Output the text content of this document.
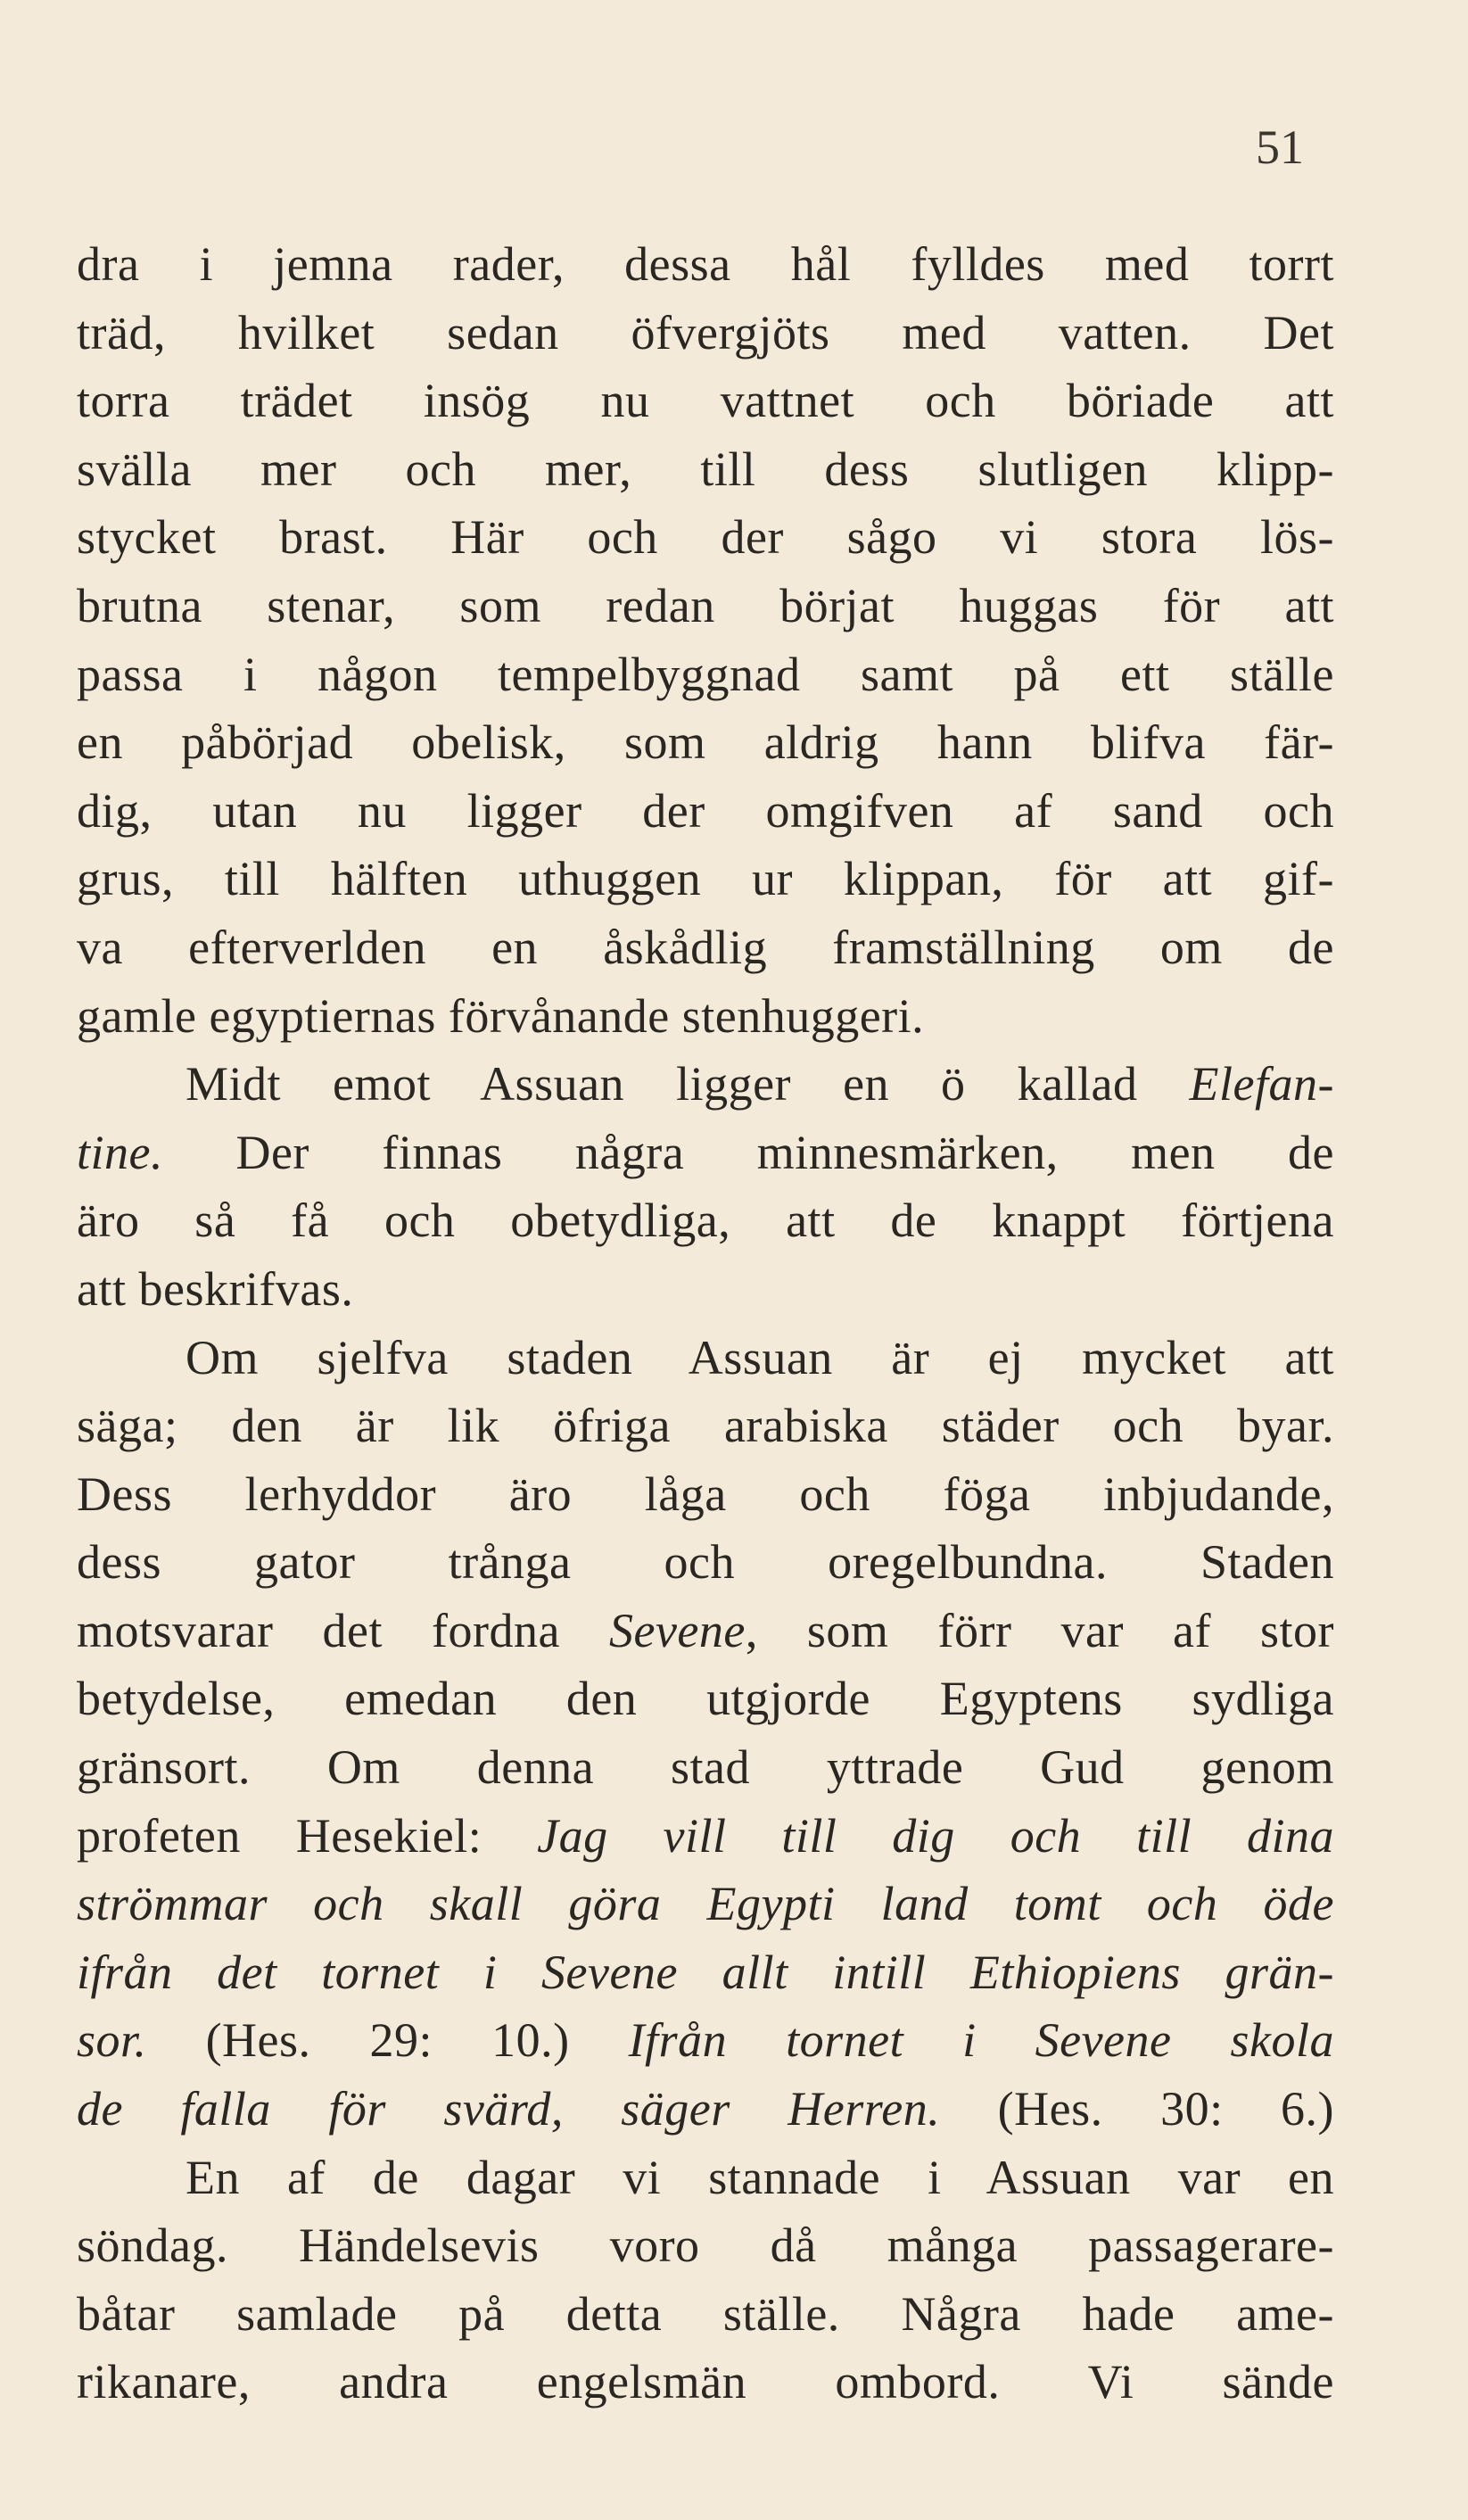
51
dra i jemna rader, dessa hål fylldes med torrt
träd, hvilket sedan öfvergjöts med vatten. Det
torra trädet insög nu vattnet och böriade att
svälla mer och mer, till dess slutligen klipp-
stycket brast. Här och der sågo vi stora lös-
brutna stenar, som redan börjat huggas för att
passa i någon tempelbyggnad samt på ett ställe
en påbörjad obelisk, som aldrig hann blifva fär-
dig, utan nu ligger der omgifven af sand och
grus, till hälften uthuggen ur klippan, för att gif-
va efterverlden en åskådlig framställning om de
gamle egyptiernas förvånande stenhuggeri.
Midt emot Assuan ligger en ö kallad Elefan-
tine. Der finnas några minnesmärken, men de
äro så få och obetydliga, att de knappt förtjena
att beskrifvas.
Om sjelfva staden Assuan är ej mycket att
säga; den är lik öfriga arabiska städer och byar.
Dess lerhyddor äro låga och föga inbjudande,
dess gator trånga och oregelbundna. Staden
motsvarar det fordna Sevene, som förr var af stor
betydelse, emedan den utgjorde Egyptens sydliga
gränsort. Om denna stad yttrade Gud genom
profeten Hesekiel: Jag vill till dig och till dina
strömmar och skall göra Egypti land tomt och öde
ifrån det tornet i Sevene allt intill Ethiopiens grän-
sor. (Hes. 29: 10.) Ifrån tornet i Sevene skola
de falla för svärd, säger Herren. (Hes. 30: 6.)
En af de dagar vi stannade i Assuan var en
söndag. Händelsevis voro då många passagerare-
båtar samlade på detta ställe. Några hade ame-
rikanare, andra engelsmän ombord. Vi sände
